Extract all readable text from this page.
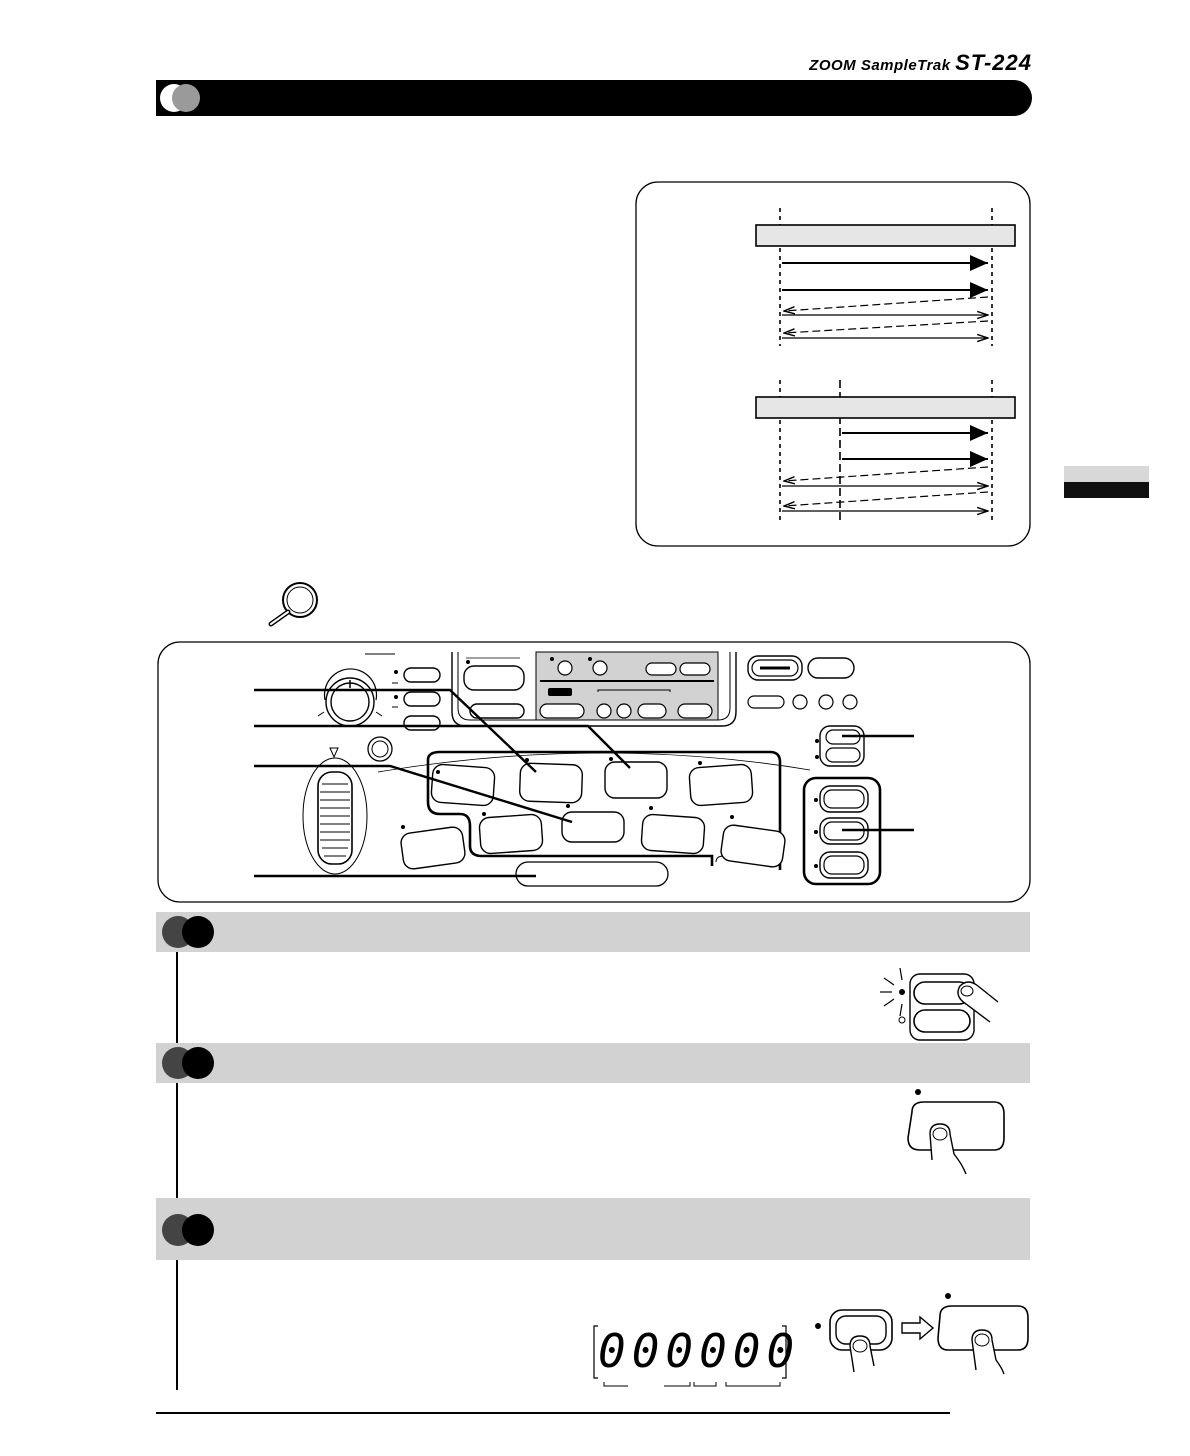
ZOOM SampleTrak ST-224
000000
